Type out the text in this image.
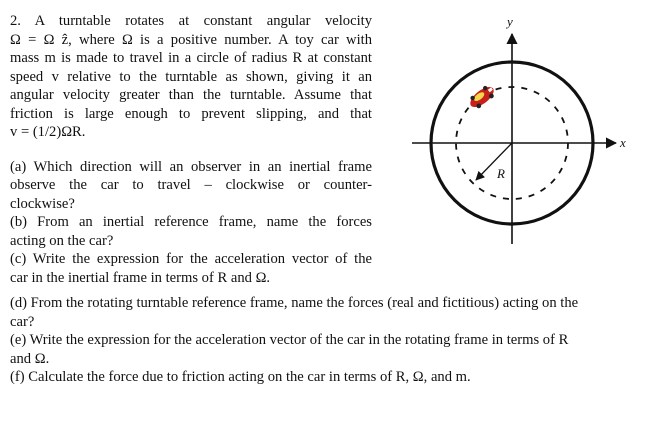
2. A turntable rotates at constant angular velocity
Ω = Ω ẑ, where Ω is a positive number. A toy car with
mass m is made to travel in a circle of radius R at constant
speed v relative to the turntable as shown, giving it an
angular velocity greater than the turntable. Assume that
friction is large enough to prevent slipping, and that
v = (1/2)ΩR.
(a) Which direction will an observer in an inertial frame
observe the car to travel – clockwise or counter-
clockwise?
(b) From an inertial reference frame, name the forces
acting on the car?
(c) Write the expression for the acceleration vector of the
car in the inertial frame in terms of R and Ω.
(d) From the rotating turntable reference frame, name the forces (real and fictitious) acting on the
car?
(e) Write the expression for the acceleration vector of the car in the rotating frame in terms of R
and Ω.
(f) Calculate the force due to friction acting on the car in terms of R, Ω, and m.
y
x
R
